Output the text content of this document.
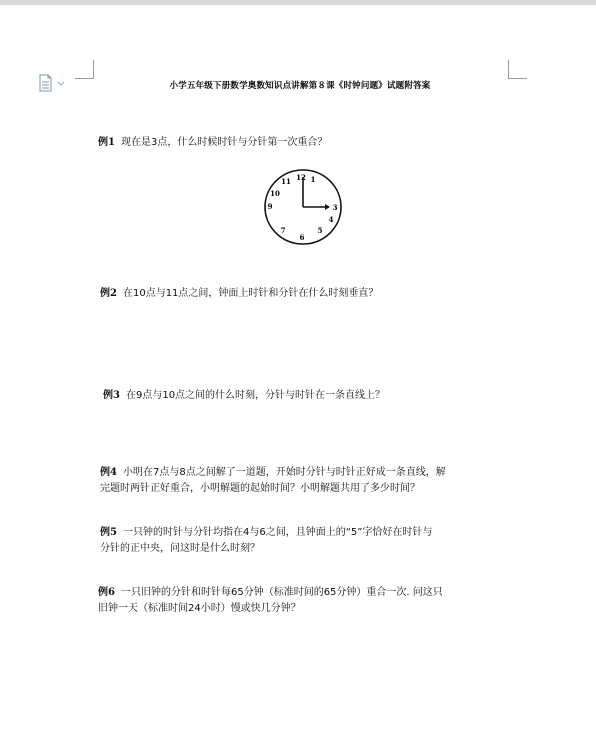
小学五年级下册数学奥数知识点讲解第８课《时钟问题》试题附答案
例1 现在是3点，什么时候时针与分针第一次重合？
12 1
3
4
5
6
7
9
10
11
例2 在10点与11点之间，钟面上时针和分针在什么时刻垂直？
例3 在9点与10点之间的什么时刻，分针与时针在一条直线上？
例4 小明在7点与8点之间解了一道题，开始时分针与时针正好成一条直线，解
完题时两针正好重合，小明解题的起始时间？小明解题共用了多少时间？
例5 一只钟的时针与分针均指在4与6之间，且钟面上的“5”字恰好在时针与
分针的正中央，问这时是什么时刻？
例6 一只旧钟的分针和时针每65分钟（标准时间的65分钟）重合一次. 问这只
旧钟一天（标准时间24小时）慢或快几分钟？
